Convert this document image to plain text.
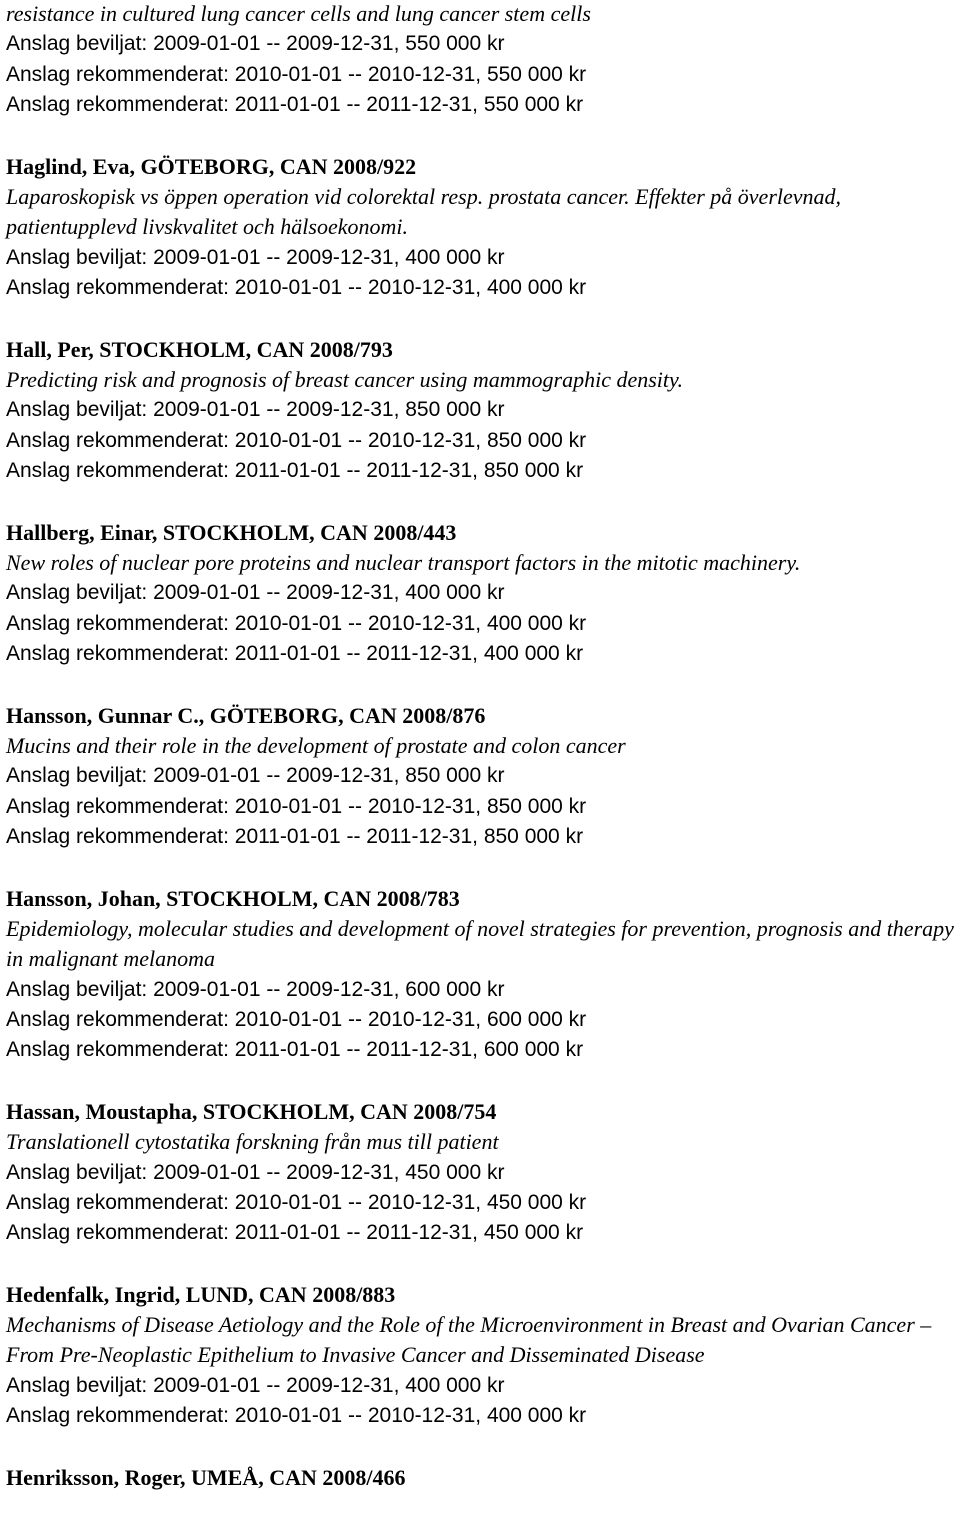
resistance in cultured lung cancer cells and lung cancer stem cells
Anslag beviljat: 2009-01-01 -- 2009-12-31, 550 000 kr
Anslag rekommenderat: 2010-01-01 -- 2010-12-31, 550 000 kr
Anslag rekommenderat: 2011-01-01 -- 2011-12-31, 550 000 kr
Haglind, Eva, GÖTEBORG, CAN 2008/922
Laparoskopisk vs öppen operation vid colorektal resp. prostata cancer. Effekter på överlevnad, patientupplevd livskvalitet och hälsoekonomi.
Anslag beviljat: 2009-01-01 -- 2009-12-31, 400 000 kr
Anslag rekommenderat: 2010-01-01 -- 2010-12-31, 400 000 kr
Hall, Per, STOCKHOLM, CAN 2008/793
Predicting risk and prognosis of breast cancer using mammographic density.
Anslag beviljat: 2009-01-01 -- 2009-12-31, 850 000 kr
Anslag rekommenderat: 2010-01-01 -- 2010-12-31, 850 000 kr
Anslag rekommenderat: 2011-01-01 -- 2011-12-31, 850 000 kr
Hallberg, Einar, STOCKHOLM, CAN 2008/443
New roles of nuclear pore proteins and nuclear transport factors in the mitotic machinery.
Anslag beviljat: 2009-01-01 -- 2009-12-31, 400 000 kr
Anslag rekommenderat: 2010-01-01 -- 2010-12-31, 400 000 kr
Anslag rekommenderat: 2011-01-01 -- 2011-12-31, 400 000 kr
Hansson, Gunnar C., GÖTEBORG, CAN 2008/876
Mucins and their role in the development of prostate and colon cancer
Anslag beviljat: 2009-01-01 -- 2009-12-31, 850 000 kr
Anslag rekommenderat: 2010-01-01 -- 2010-12-31, 850 000 kr
Anslag rekommenderat: 2011-01-01 -- 2011-12-31, 850 000 kr
Hansson, Johan, STOCKHOLM, CAN 2008/783
Epidemiology, molecular studies and development of novel strategies for prevention, prognosis and therapy in malignant melanoma
Anslag beviljat: 2009-01-01 -- 2009-12-31, 600 000 kr
Anslag rekommenderat: 2010-01-01 -- 2010-12-31, 600 000 kr
Anslag rekommenderat: 2011-01-01 -- 2011-12-31, 600 000 kr
Hassan, Moustapha, STOCKHOLM, CAN 2008/754
Translationell cytostatika forskning från mus till patient
Anslag beviljat: 2009-01-01 -- 2009-12-31, 450 000 kr
Anslag rekommenderat: 2010-01-01 -- 2010-12-31, 450 000 kr
Anslag rekommenderat: 2011-01-01 -- 2011-12-31, 450 000 kr
Hedenfalk, Ingrid, LUND, CAN 2008/883
Mechanisms of Disease Aetiology and the Role of the Microenvironment in Breast and Ovarian Cancer – From Pre-Neoplastic Epithelium to Invasive Cancer and Disseminated Disease
Anslag beviljat: 2009-01-01 -- 2009-12-31, 400 000 kr
Anslag rekommenderat: 2010-01-01 -- 2010-12-31, 400 000 kr
Henriksson, Roger, UMEÅ, CAN 2008/466
